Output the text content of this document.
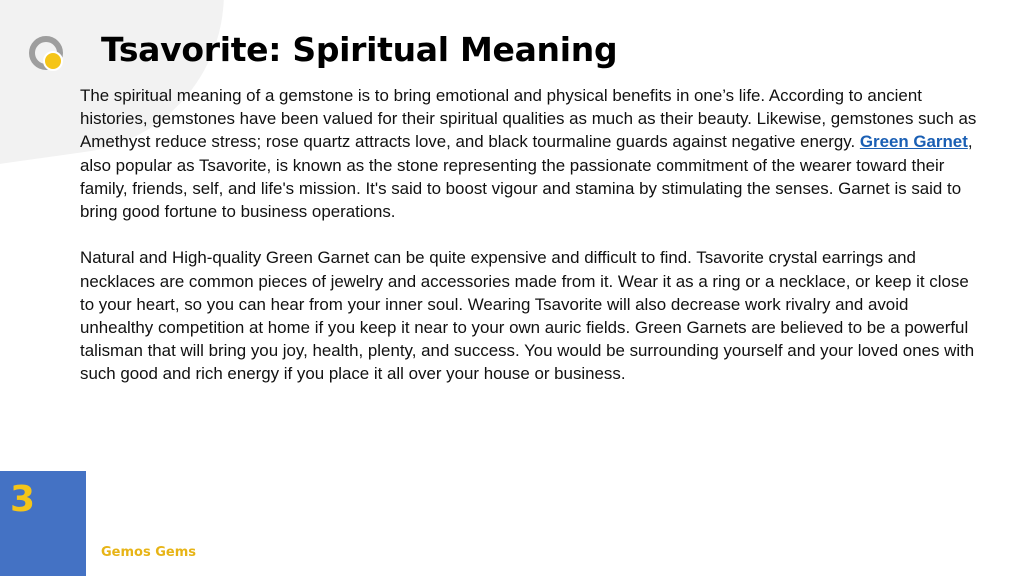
Tsavorite: Spiritual Meaning

The spiritual meaning of a gemstone is to bring emotional and physical benefits in one’s life. According to ancient histories, gemstones have been valued for their spiritual qualities as much as their beauty. Likewise, gemstones such as Amethyst reduce stress; rose quartz attracts love, and black tourmaline guards against negative energy. Green Garnet, also popular as Tsavorite, is known as the stone representing the passionate commitment of the wearer toward their family, friends, self, and life's mission. It's said to boost vigour and stamina by stimulating the senses. Garnet is said to bring good fortune to business operations.

Natural and High-quality Green Garnet can be quite expensive and difficult to find. Tsavorite crystal earrings and necklaces are common pieces of jewelry and accessories made from it. Wear it as a ring or a necklace, or keep it close to your heart, so you can hear from your inner soul. Wearing Tsavorite will also decrease work rivalry and avoid unhealthy competition at home if you keep it near to your own auric fields. Green Garnets are believed to be a powerful talisman that will bring you joy, health, plenty, and success. You would be surrounding yourself and your loved ones with such good and rich energy if you place it all over your house or business.

3
Gemos Gems
